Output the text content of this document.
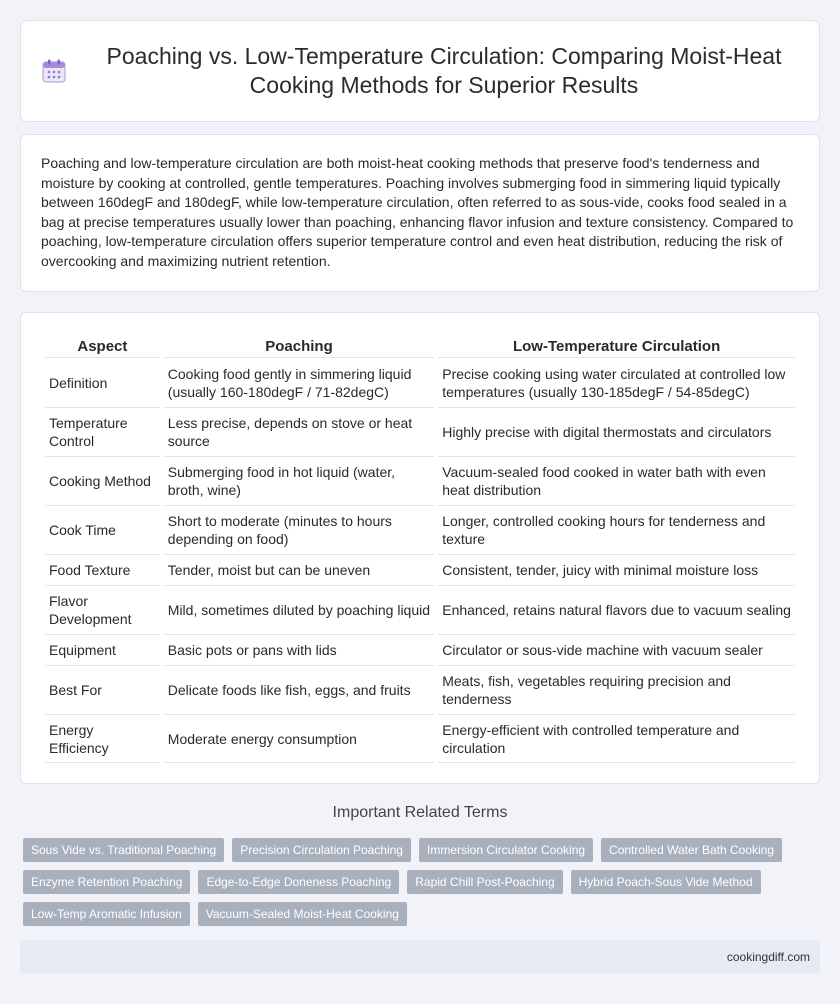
Poaching vs. Low-Temperature Circulation: Comparing Moist-Heat Cooking Methods for Superior Results

Poaching and low-temperature circulation are both moist-heat cooking methods that preserve food's tenderness and moisture by cooking at controlled, gentle temperatures. Poaching involves submerging food in simmering liquid typically between 160degF and 180degF, while low-temperature circulation, often referred to as sous-vide, cooks food sealed in a bag at precise temperatures usually lower than poaching, enhancing flavor infusion and texture consistency. Compared to poaching, low-temperature circulation offers superior temperature control and even heat distribution, reducing the risk of overcooking and maximizing nutrient retention.

Aspect	Poaching	Low-Temperature Circulation
Definition	Cooking food gently in simmering liquid (usually 160-180degF / 71-82degC)	Precise cooking using water circulated at controlled low temperatures (usually 130-185degF / 54-85degC)
Temperature Control	Less precise, depends on stove or heat source	Highly precise with digital thermostats and circulators
Cooking Method	Submerging food in hot liquid (water, broth, wine)	Vacuum-sealed food cooked in water bath with even heat distribution
Cook Time	Short to moderate (minutes to hours depending on food)	Longer, controlled cooking hours for tenderness and texture
Food Texture	Tender, moist but can be uneven	Consistent, tender, juicy with minimal moisture loss
Flavor Development	Mild, sometimes diluted by poaching liquid	Enhanced, retains natural flavors due to vacuum sealing
Equipment	Basic pots or pans with lids	Circulator or sous-vide machine with vacuum sealer
Best For	Delicate foods like fish, eggs, and fruits	Meats, fish, vegetables requiring precision and tenderness
Energy Efficiency	Moderate energy consumption	Energy-efficient with controlled temperature and circulation
Important Related Terms
Sous Vide vs. Traditional Poaching	Precision Circulation Poaching	Immersion Circulator Cooking	Controlled Water Bath Cooking
Enzyme Retention Poaching	Edge-to-Edge Doneness Poaching	Rapid Chill Post-Poaching	Hybrid Poach-Sous Vide Method
Low-Temp Aromatic Infusion	Vacuum-Sealed Moist-Heat Cooking
cookingdiff.com
